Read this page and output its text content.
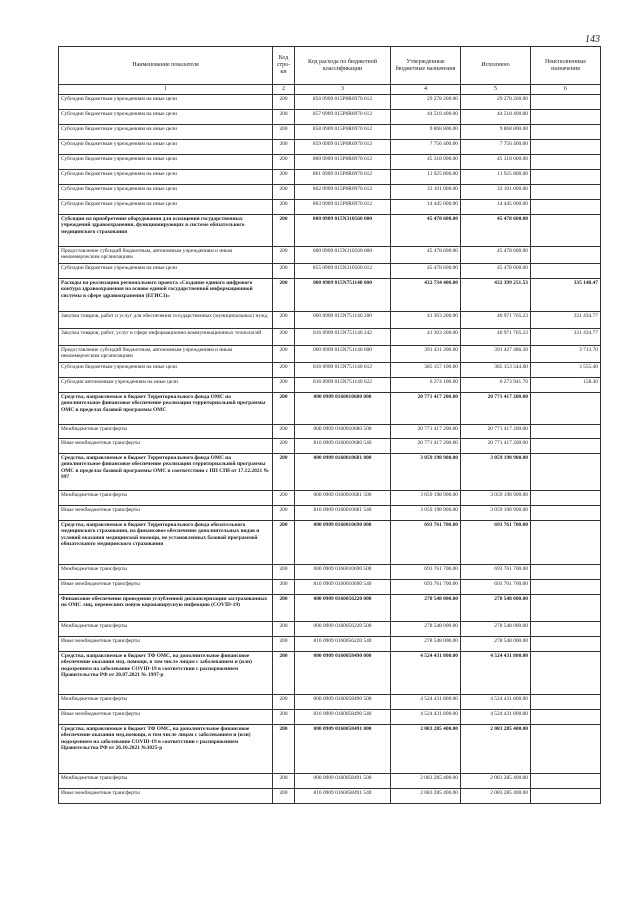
143
Наименование показателя	Код стро- ки	Код расхода по бюджетной классификации	Утвержденные бюджетные назначения	Исполнено	Неисполненные назначения
1	2	3	4	5	6
Субсидии бюджетным учреждениям на иные цели	200	856 0909 015Р0R6970 612	29 278 200.00	29 278 200.00	
Субсидии бюджетным учреждениям на иные цели	200	857 0909 015Р0R6970 612	44 518 400.00	44 518 400.00	
Субсидии бюджетным учреждениям на иные цели	200	858 0909 015Р0R6970 612	9 868 800.00	9 868 800.00	
Субсидии бюджетным учреждениям на иные цели	200	859 0909 015Р0R6970 612	7 756 400.00	7 756 400.00	
Субсидии бюджетным учреждениям на иные цели	200	860 0909 015Р0R6970 612	45 318 000.00	45 318 000.00	
Субсидии бюджетным учреждениям на иные цели	200	861 0909 015Р0R6970 612	11 925 800.00	11 925 800.00	
Субсидии бюджетным учреждениям на иные цели	200	862 0909 015Р0R6970 612	33 101 000.00	33 101 000.00	
Субсидии бюджетным учреждениям на иные цели	200	863 0909 015Р0R6970 612	14 445 000.00	14 445 000.00	
Субсидии на приобретение оборудования для оснащения государственных учреждений здравоохранения, функционирующих в системе обязательного медицинского страхования	200	000 0909 015N310560 000	45 478 600.00	45 478 600.00	
Предоставление субсидий бюджетным, автономным учреждениям и иным некоммерческим организациям	200	000 0909 015N310560 600	45 478 600.00	45 478 600.00	
Субсидии бюджетным учреждениям на иные цели	200	855 0909 015N310560 612	45 478 600.00	45 478 600.00	
Расходы на реализацию регионального проекта «Создание единого цифрового контура здравоохранения на основе единой государственной информационной системы в сфере здравоохранения (ЕГИСЗ)»	200	000 0909 015N751140 000	432 734 400.00	432 399 251.53	335 148.47
Закупка товаров, работ и услуг для обеспечения государственных (муниципальных) нужд	200	000 0909 015N751140 200	41 303 200.00	40 971 765.23	331 434.77
Закупка товаров, работ, услуг в сфере информационно-коммуникационных технологий	200	816 0909 015N751140 242	41 303 200.00	40 971 765.23	331 434.77
Предоставление субсидий бюджетным, автономным учреждениям и иным некоммерческим организациям	200	000 0909 015N751140 600	391 431 200.00	391 427 486.30	3 713.70
Субсидии бюджетным учреждениям на иные цели	200	816 0909 015N751140 612	385 157 100.00	385 153 544.60	3 555.40
Субсидии автономным учреждениям на иные цели	200	816 0909 015N751140 622	6 274 100.00	6 273 941.70	158.30
Средства, направляемые в бюджет Территориального фонда ОМС на дополнительное финансовое обеспечение реализации территориальной программы ОМС в пределах базовой программы ОМС	200	000 0909 0160010680 000	20 771 417 200.00	20 771 417 200.00	
Межбюджетные трансферты	200	000 0909 0160010680 500	20 771 417 200.00	20 771 417 200.00	
Иные межбюджетные трансферты	200	816 0909 0160010680 540	20 771 417 200.00	20 771 417 200.00	
Средства, направляемые в бюджет Территориального фонда ОМС на дополнительное финансовое обеспечение реализации территориальной программы ОМС в пределах базовой программы ОМС в соответствии с ПП СПб от 17.12.2021 № 997	200	000 0909 0160010681 000	3 059 198 900.00	3 059 198 900.00	
Межбюджетные трансферты	200	000 0909 0160010681 500	3 059 198 900.00	3 059 198 900.00	
Иные межбюджетные трансферты	200	816 0909 0160010681 540	3 059 198 900.00	3 059 198 900.00	
Средства, направляемые в бюджет Территориального фонда обязательного медицинского страхования, на финансовое обеспечение дополнительных видов и условий оказания медицинской помощи, не установленных базовой программой обязательного медицинского страхования	200	000 0909 0160010690 000	693 761 700.00	693 761 700.00	
Межбюджетные трансферты	200	000 0909 0160010690 500	693 761 700.00	693 761 700.00	
Иные межбюджетные трансферты	200	816 0909 0160010690 540	693 761 700.00	693 761 700.00	
Финансовое обеспечение проведения углубленной диспансеризации застрахованных по ОМС лиц, перенесших новую коронавирусную инфекцию (COVID-19)	200	000 0909 0160056220 000	278 548 000.00	278 548 000.00	
Межбюджетные трансферты	200	000 0909 0160056220 500	278 548 000.00	278 548 000.00	
Иные межбюджетные трансферты	200	816 0909 0160056220 540	278 548 000.00	278 548 000.00	
Средства, направляемые в бюджет ТФ ОМС, на дополнительное финансовое обеспечение оказания мед. помощи, в том числе лицам с заболеванием и (или) подозрением на заболевание COVID-19 в соответствии с распоряжением Правительства РФ от 20.07.2021 № 1997-р	200	000 0909 0160058490 000	4 524 431 800.00	4 524 431 800.00	
Межбюджетные трансферты	200	000 0909 0160058490 500	4 524 431 800.00	4 524 431 800.00	
Иные межбюджетные трансферты	200	816 0909 0160058490 540	4 524 431 800.00	4 524 431 800.00	
Средства, направляемые в бюджет ТФ ОМС, на дополнительное финансовое обеспечение оказания мед.помощи, в том числе лицам с заболеванием и (или) подозрением на заболевание COVID-19 в соответствии с распоряжением Правительства РФ от 26.10.2021 №3025-р	200	000 0909 0160058491 000	2 083 285 400.00	2 083 285 400.00	
Межбюджетные трансферты	200	000 0909 0160058491 500	2 083 285 400.00	2 083 285 400.00	
Иные межбюджетные трансферты	200	816 0909 0160058491 540	2 083 285 400.00	2 083 285 400.00	
